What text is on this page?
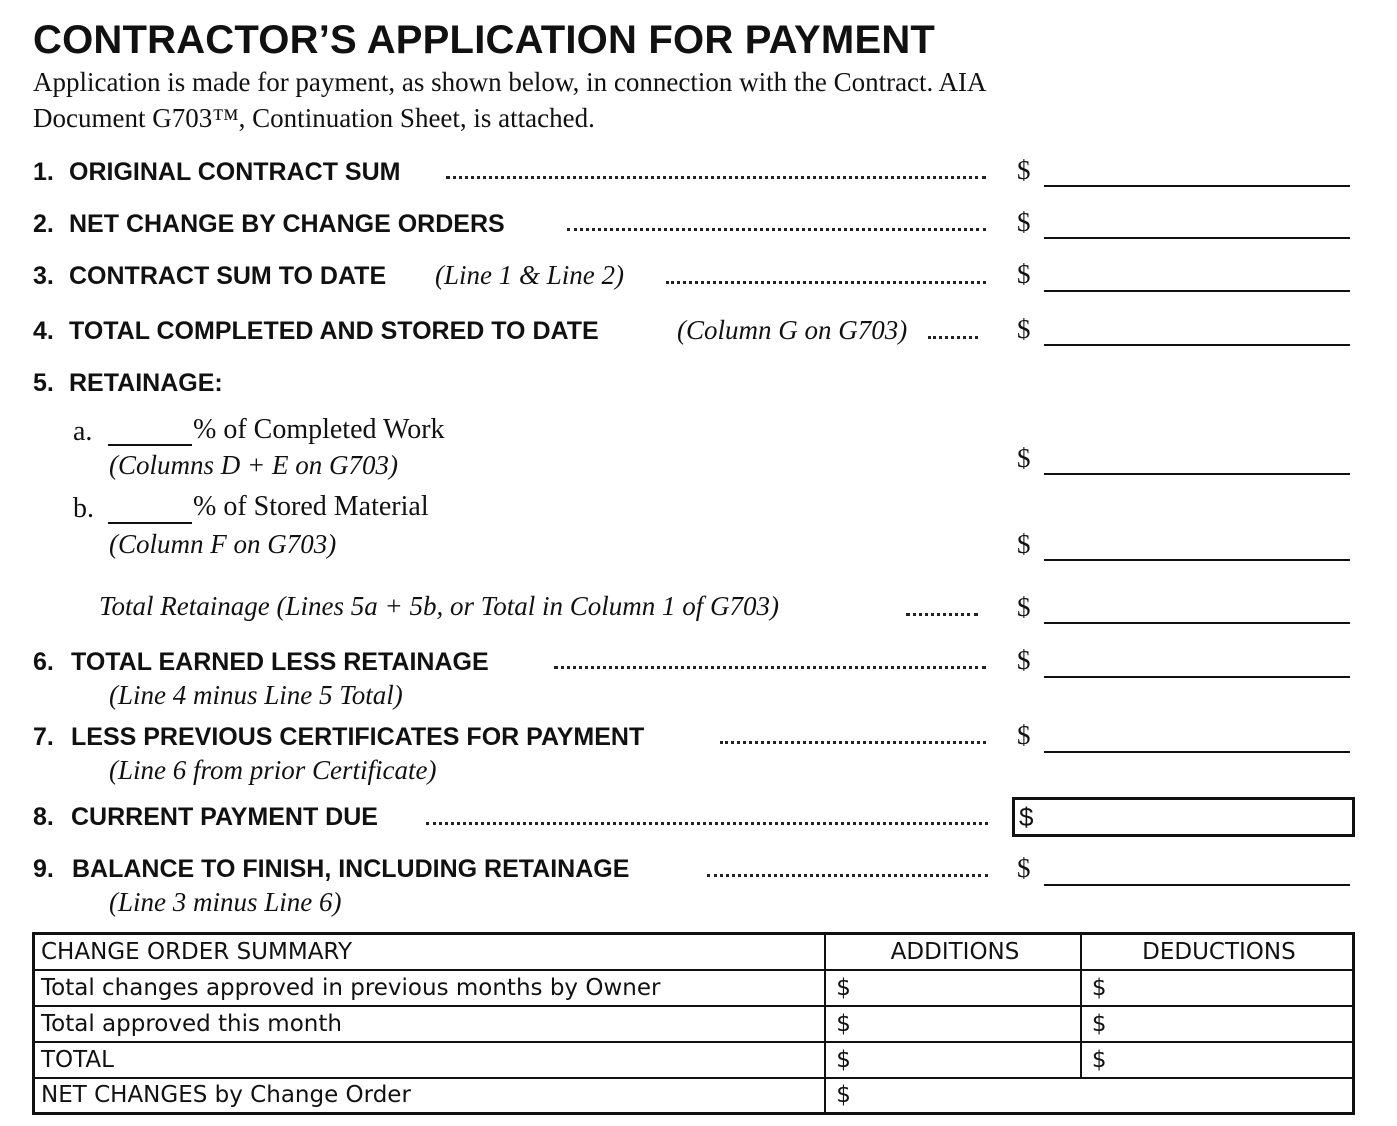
CONTRACTOR’S APPLICATION FOR PAYMENT
Application is made for payment, as shown below, in connection with the Contract. AIA
Document G703™, Continuation Sheet, is attached.
1. ORIGINAL CONTRACT SUM	$
2. NET CHANGE BY CHANGE ORDERS	$
3. CONTRACT SUM TO DATE (Line 1 & Line 2)	$
4. TOTAL COMPLETED AND STORED TO DATE	(Column G on G703)	$
5. RETAINAGE:
a.	% of Completed Work
(Columns D + E on G703)	$
b.	% of Stored Material
(Column F on G703)	$
Total Retainage (Lines 5a + 5b, or Total in Column 1 of G703)	$
6. TOTAL EARNED LESS RETAINAGE
(Line 4 minus Line 5 Total)
$
7. LESS PREVIOUS CERTIFICATES FOR PAYMENT
(Line 6 from prior Certificate)
$
8. CURRENT PAYMENT DUE	$
9. BALANCE TO FINISH, INCLUDING RETAINAGE
(Line 3 minus Line 6)
$
CHANGE ORDER SUMMARY	ADDITIONS	DEDUCTIONS
Total changes approved in previous months by Owner	$	$
Total approved this month	$	$
TOTAL	$	$
NET CHANGES by Change Order	$	
